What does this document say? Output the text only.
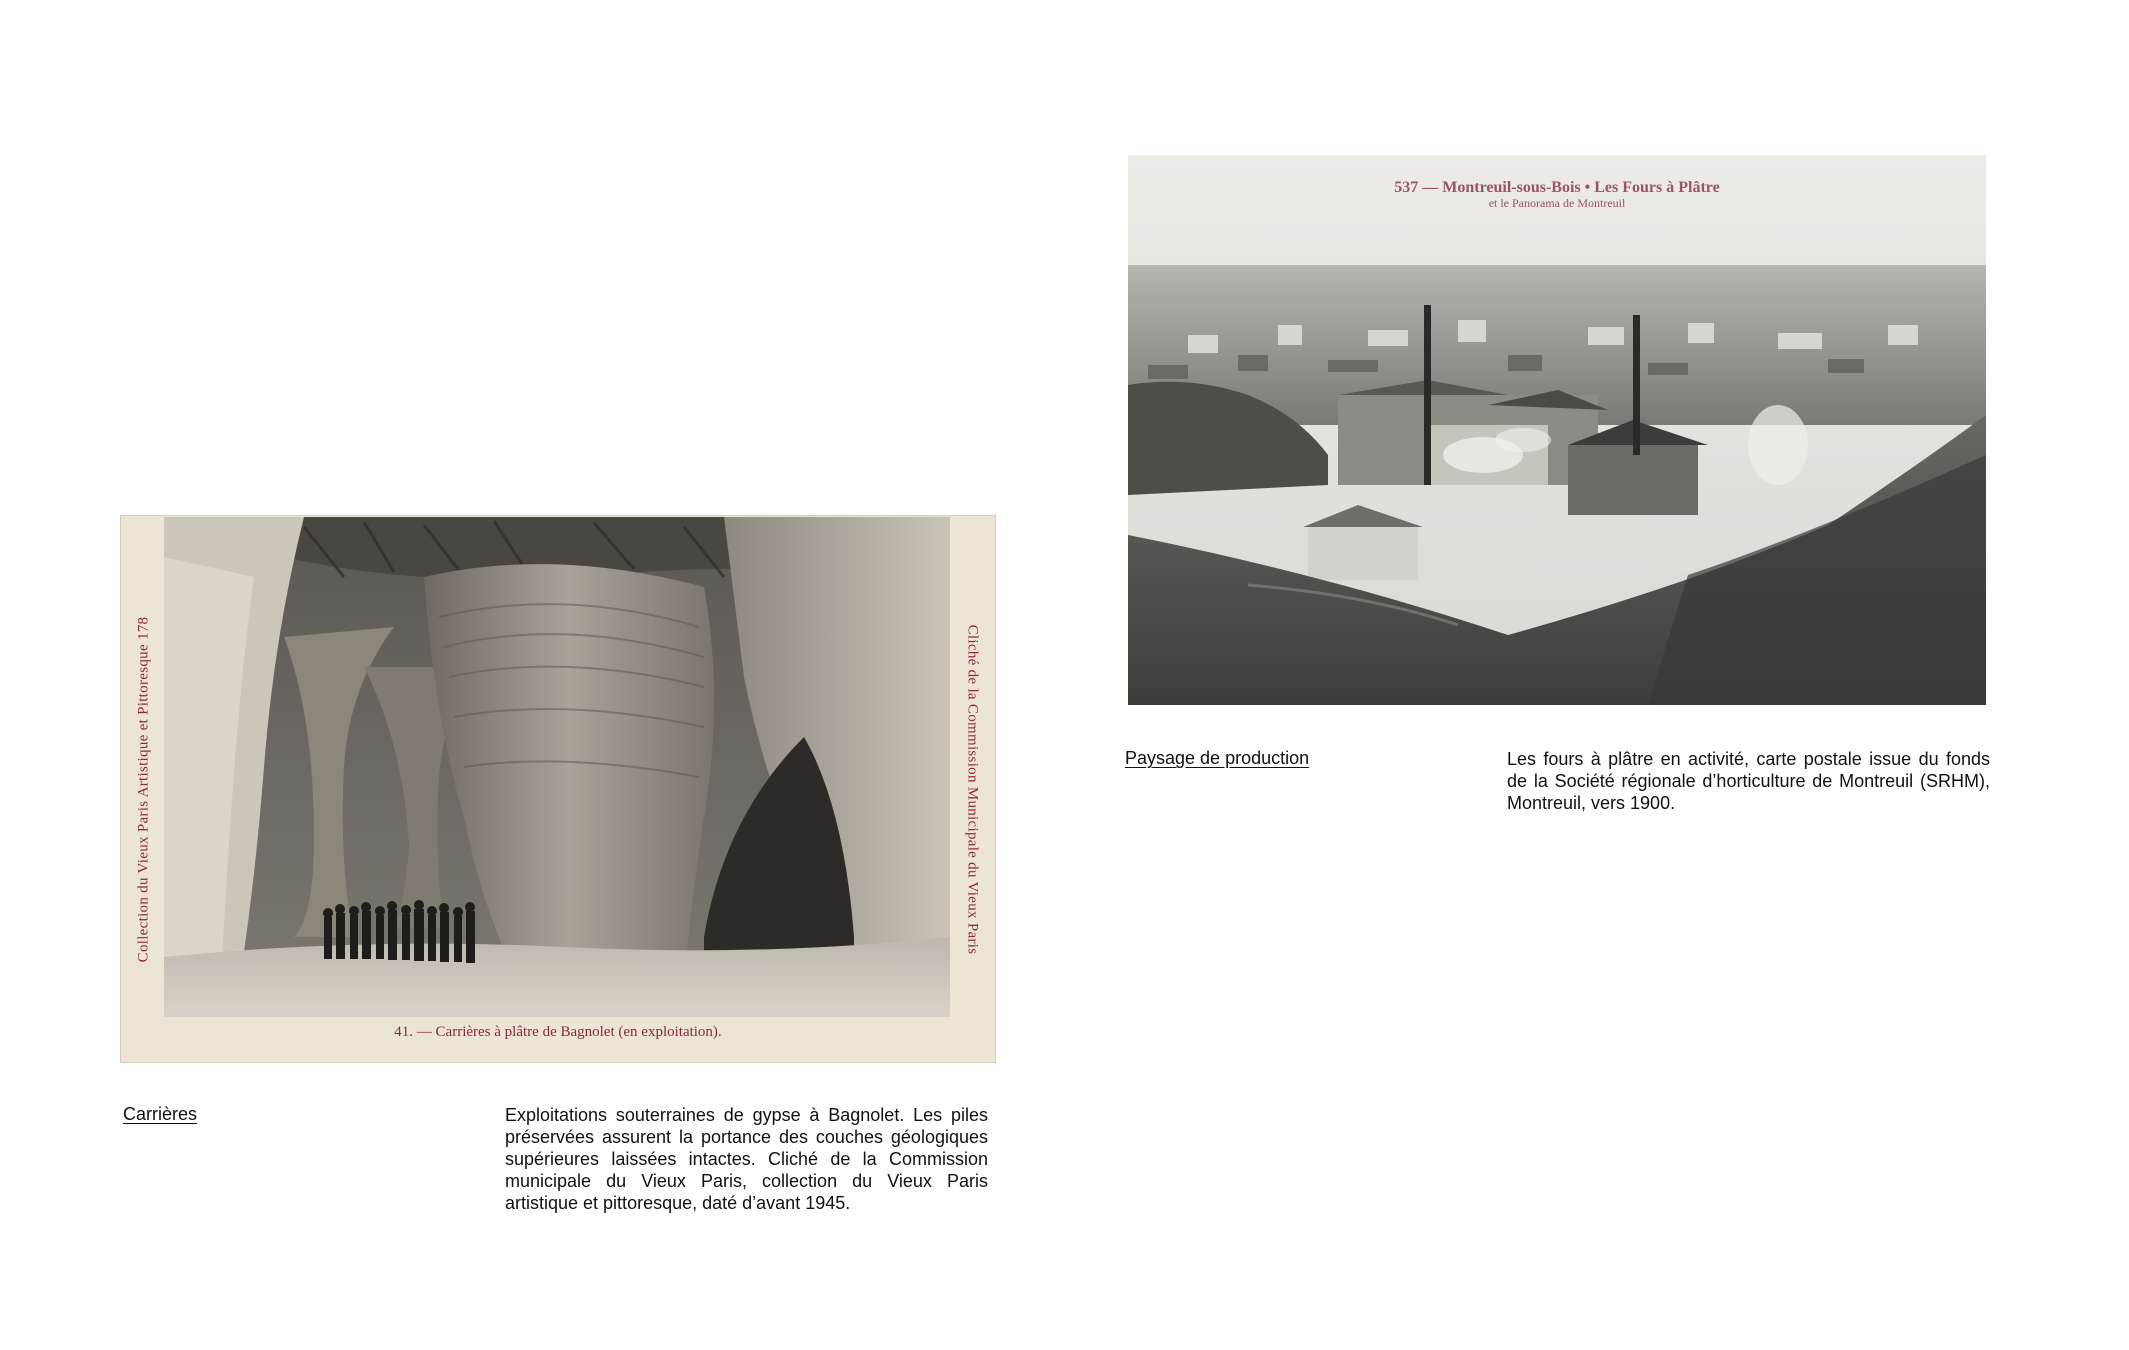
Collection du Vieux Paris Artistique et Pittoresque 178	Cliché de la Commission Municipale du Vieux Paris
41. — Carrières à plâtre de Bagnolet (en exploitation).
537 — Montreuil-sous-Bois • Les Fours à Plâtre
et le Panorama de Montreuil
Carrières	Exploitations souterraines de gypse à Bagnolet. Les piles préservées assurent la portance des couches géologiques supérieures laissées intactes. Cliché de la Commission municipale du Vieux Paris, collection du Vieux Paris artistique et pittoresque, daté d’avant 1945.
Paysage de production	Les fours à plâtre en activité, carte postale issue du fonds de la Société régionale d’horticulture de Montreuil (SRHM), Montreuil, vers 1900.
